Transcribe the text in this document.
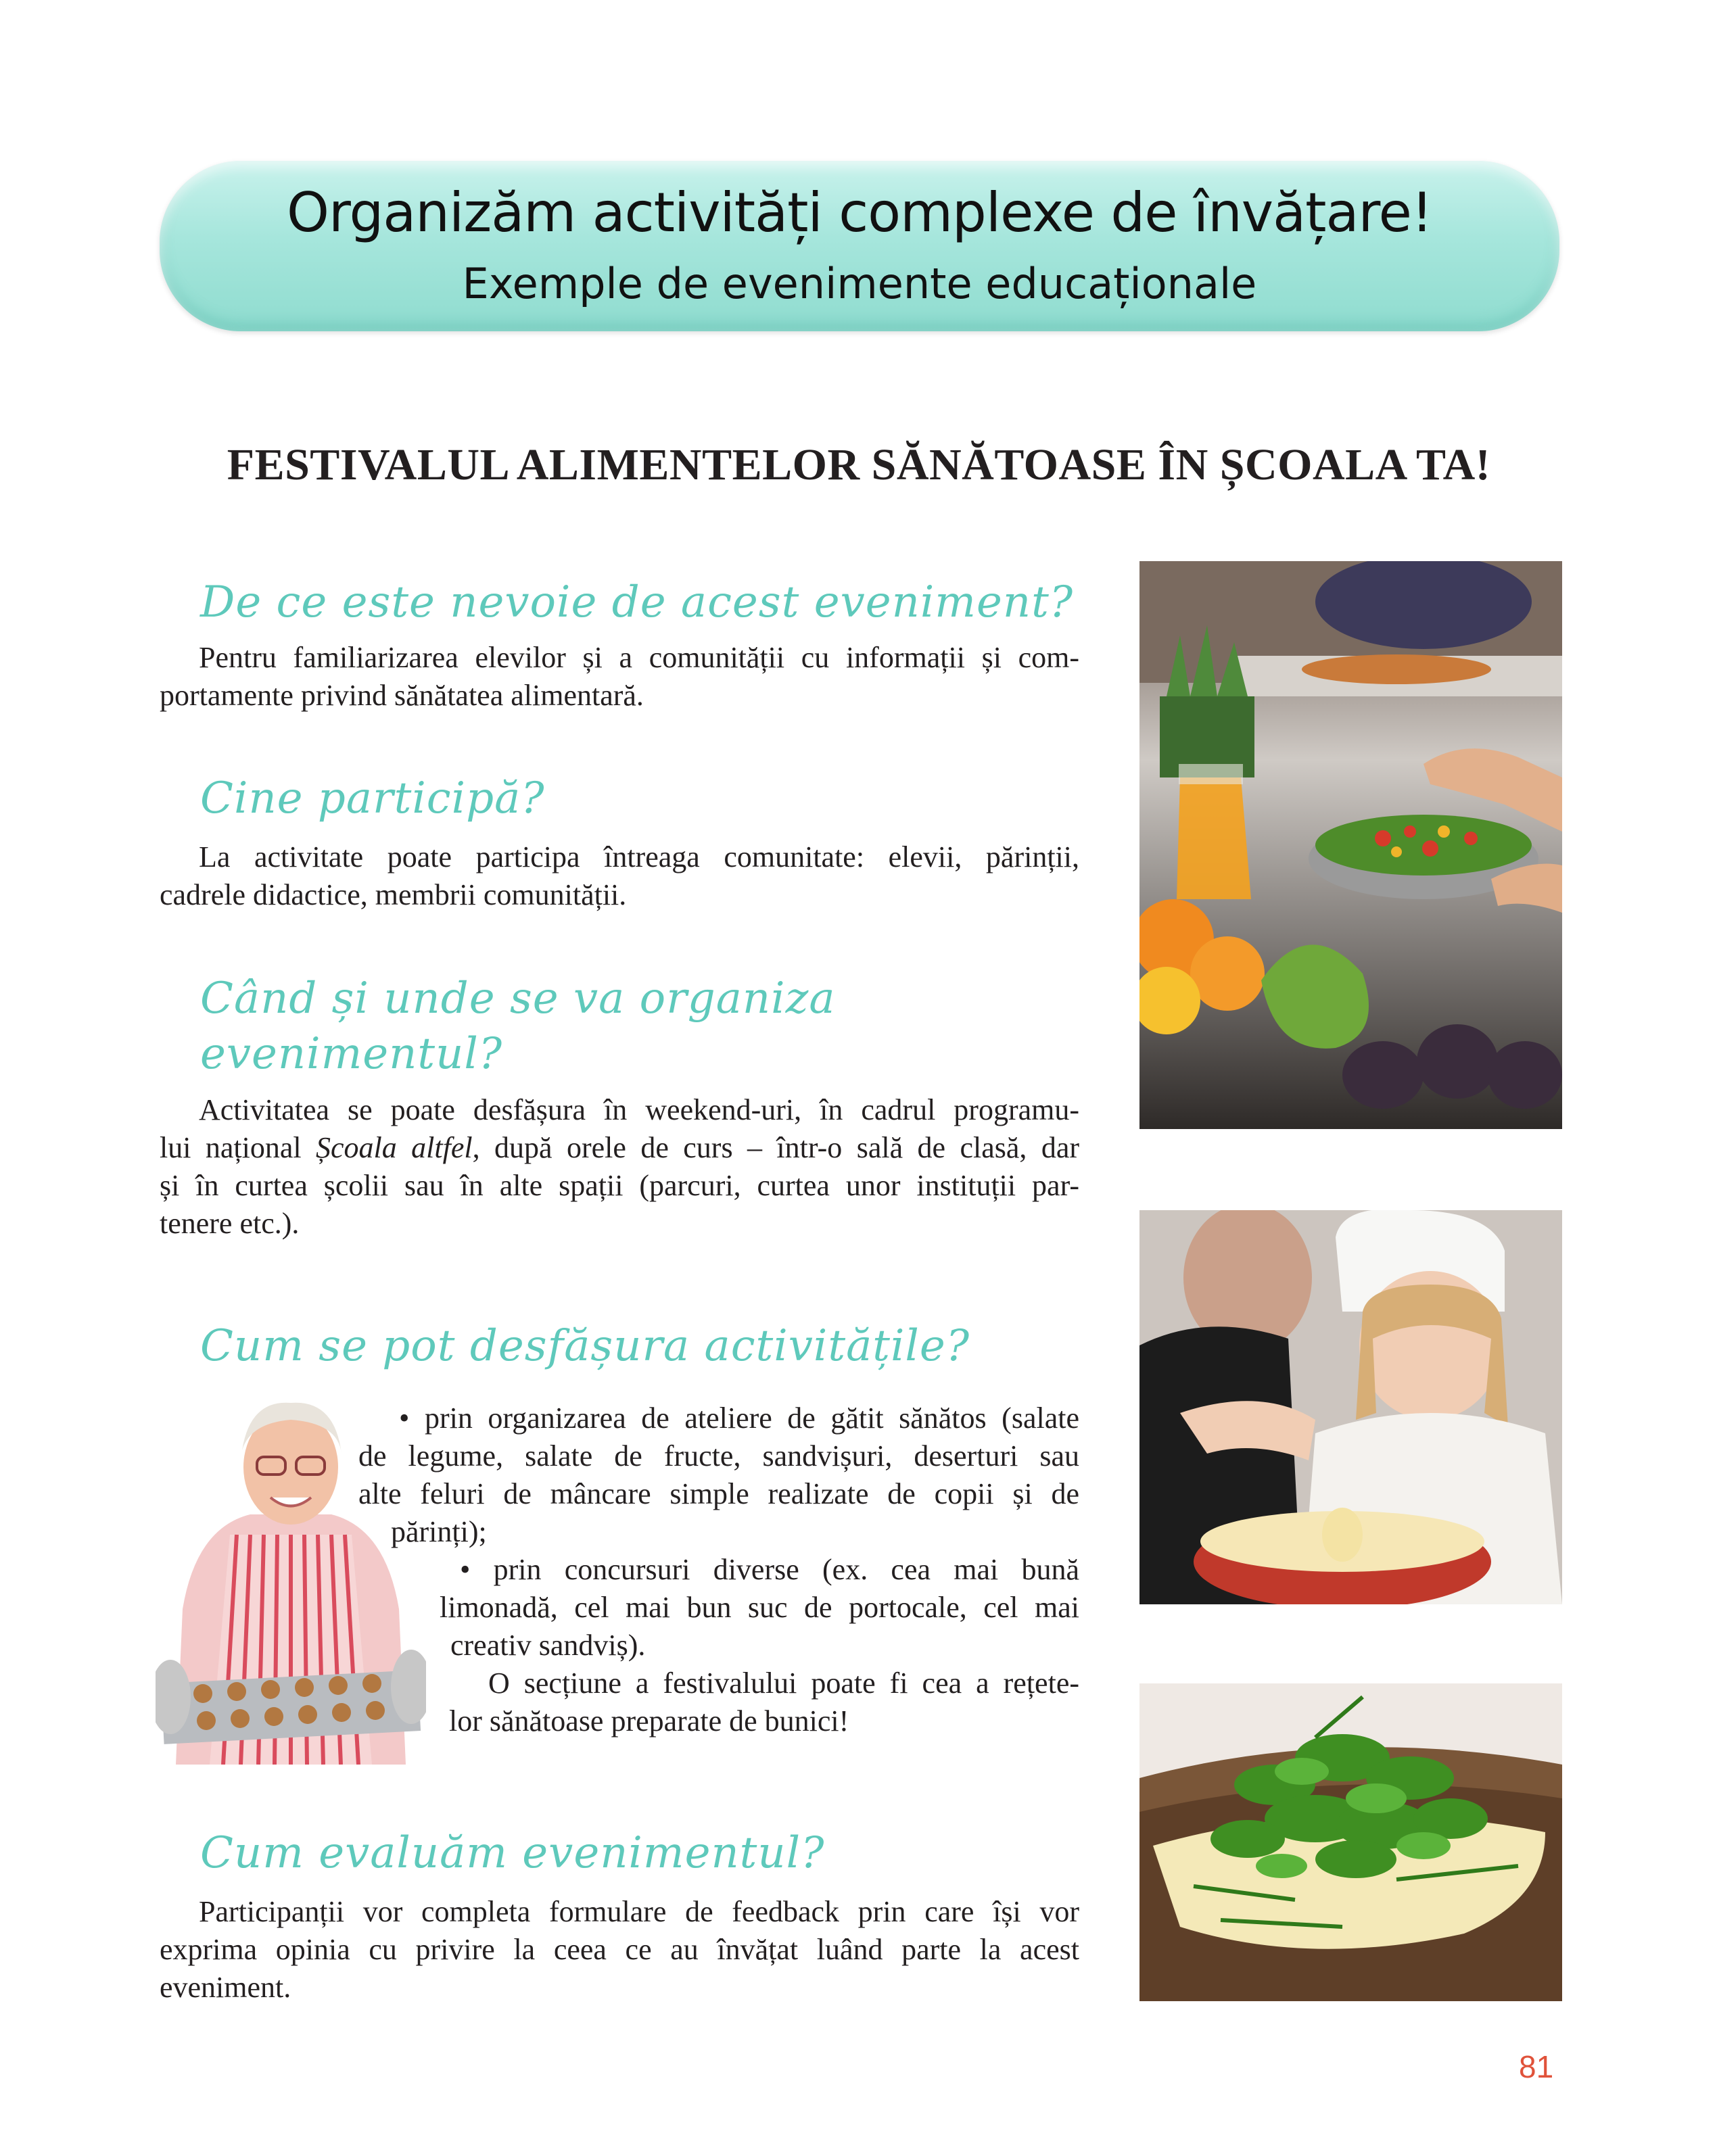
Organizăm activități complexe de învățare!
Exemple de evenimente educaționale
FESTIVALUL ALIMENTELOR SĂNĂTOASE ÎN ȘCOALA TA!
De ce este nevoie de acest eveniment?
Pentru familiarizarea elevilor și a comunității cu informații și com-
portamente privind sănătatea alimentară.
Cine participă?
La activitate poate participa întreaga comunitate: elevii, părinții,
cadrele didactice, membrii comunității.
Când și unde se va organiza
evenimentul?
Activitatea se poate desfășura în weekend-uri, în cadrul programu-
lui național Școala altfel, după orele de curs – într-o sală de clasă, dar
și în curtea școlii sau în alte spații (parcuri, curtea unor instituții par-
tenere etc.).
Cum se pot desfășura activitățile?
• prin organizarea de ateliere de gătit sănătos (salate
de legume, salate de fructe, sandvișuri, deserturi sau
alte feluri de mâncare simple realizate de copii și de
părinți);
• prin concursuri diverse (ex. cea mai bună
limonadă, cel mai bun suc de portocale, cel mai
creativ sandviș).
O secțiune a festivalului poate fi cea a rețete-
lor sănătoase preparate de bunici!
Cum evaluăm evenimentul?
Participanții vor completa formulare de feedback prin care își vor
exprima opinia cu privire la ceea ce au învățat luând parte la acest
eveniment.
81
